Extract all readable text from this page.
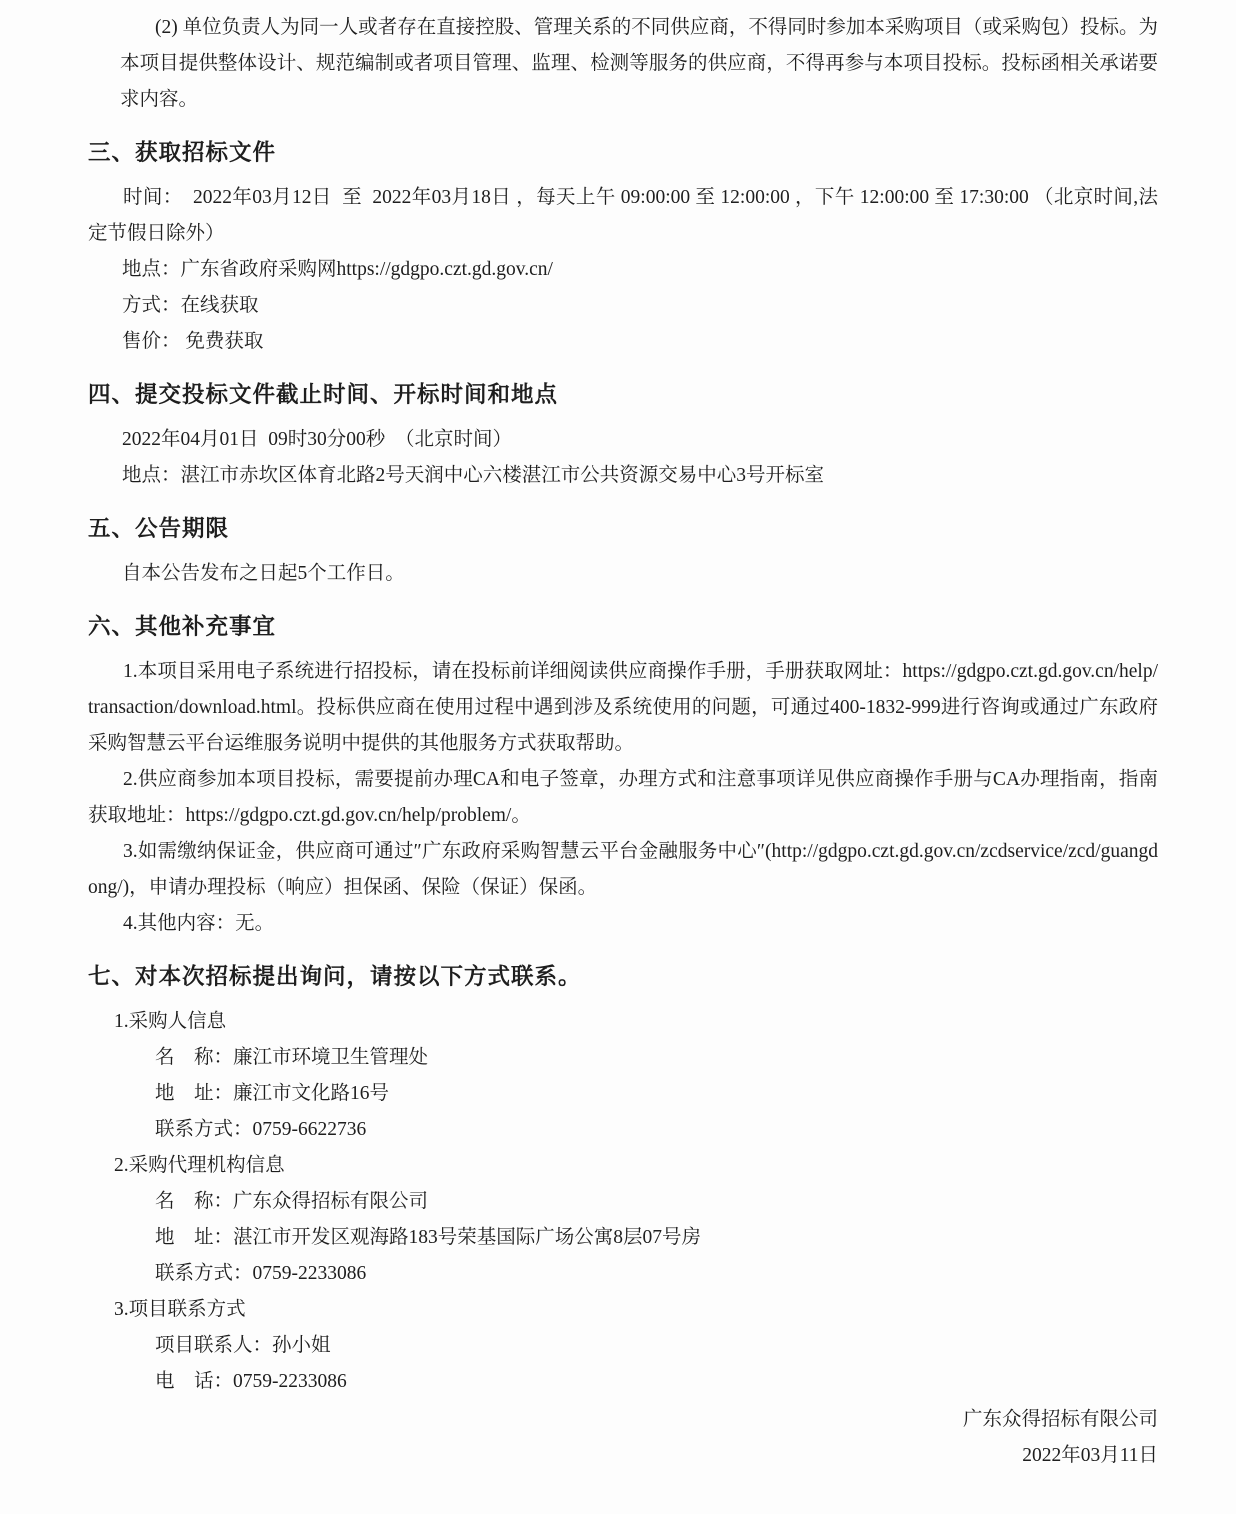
(2) 单位负责人为同一人或者存在直接控股、管理关系的不同供应商，不得同时参加本采购项目（或采购包）投标。为本项目提供整体设计、规范编制或者项目管理、监理、检测等服务的供应商，不得再参与本项目投标。投标函相关承诺要求内容。

三、获取招标文件

时间：  2022年03月12日  至  2022年03月18日 ，每天上午 09:00:00 至 12:00:00 ，下午 12:00:00 至 17:30:00 （北京时间,法定节假日除外）

地点：广东省政府采购网https://gdgpo.czt.gd.gov.cn/

方式：在线获取

售价： 免费获取

四、提交投标文件截止时间、开标时间和地点

2022年04月01日  09时30分00秒  （北京时间）

地点：湛江市赤坎区体育北路2号天润中心六楼湛江市公共资源交易中心3号开标室

五、公告期限

自本公告发布之日起5个工作日。

六、其他补充事宜

1.本项目采用电子系统进行招投标，请在投标前详细阅读供应商操作手册，手册获取网址：https://gdgpo.czt.gd.gov.cn/help/transaction/download.html。投标供应商在使用过程中遇到涉及系统使用的问题，可通过400-1832-999进行咨询或通过广东政府采购智慧云平台运维服务说明中提供的其他服务方式获取帮助。

2.供应商参加本项目投标，需要提前办理CA和电子签章，办理方式和注意事项详见供应商操作手册与CA办理指南，指南获取地址：https://gdgpo.czt.gd.gov.cn/help/problem/。

3.如需缴纳保证金，供应商可通过″广东政府采购智慧云平台金融服务中心″(http://gdgpo.czt.gd.gov.cn/zcdservice/zcd/guangdong/)，申请办理投标（响应）担保函、保险（保证）保函。

4.其他内容：无。

七、对本次招标提出询问，请按以下方式联系。

1.采购人信息

名　称：廉江市环境卫生管理处

地　址：廉江市文化路16号

联系方式：0759-6622736

2.采购代理机构信息

名　称：广东众得招标有限公司

地　址：湛江市开发区观海路183号荣基国际广场公寓8层07号房

联系方式：0759-2233086

3.项目联系方式

项目联系人：孙小姐

电　话：0759-2233086

广东众得招标有限公司

2022年03月11日
